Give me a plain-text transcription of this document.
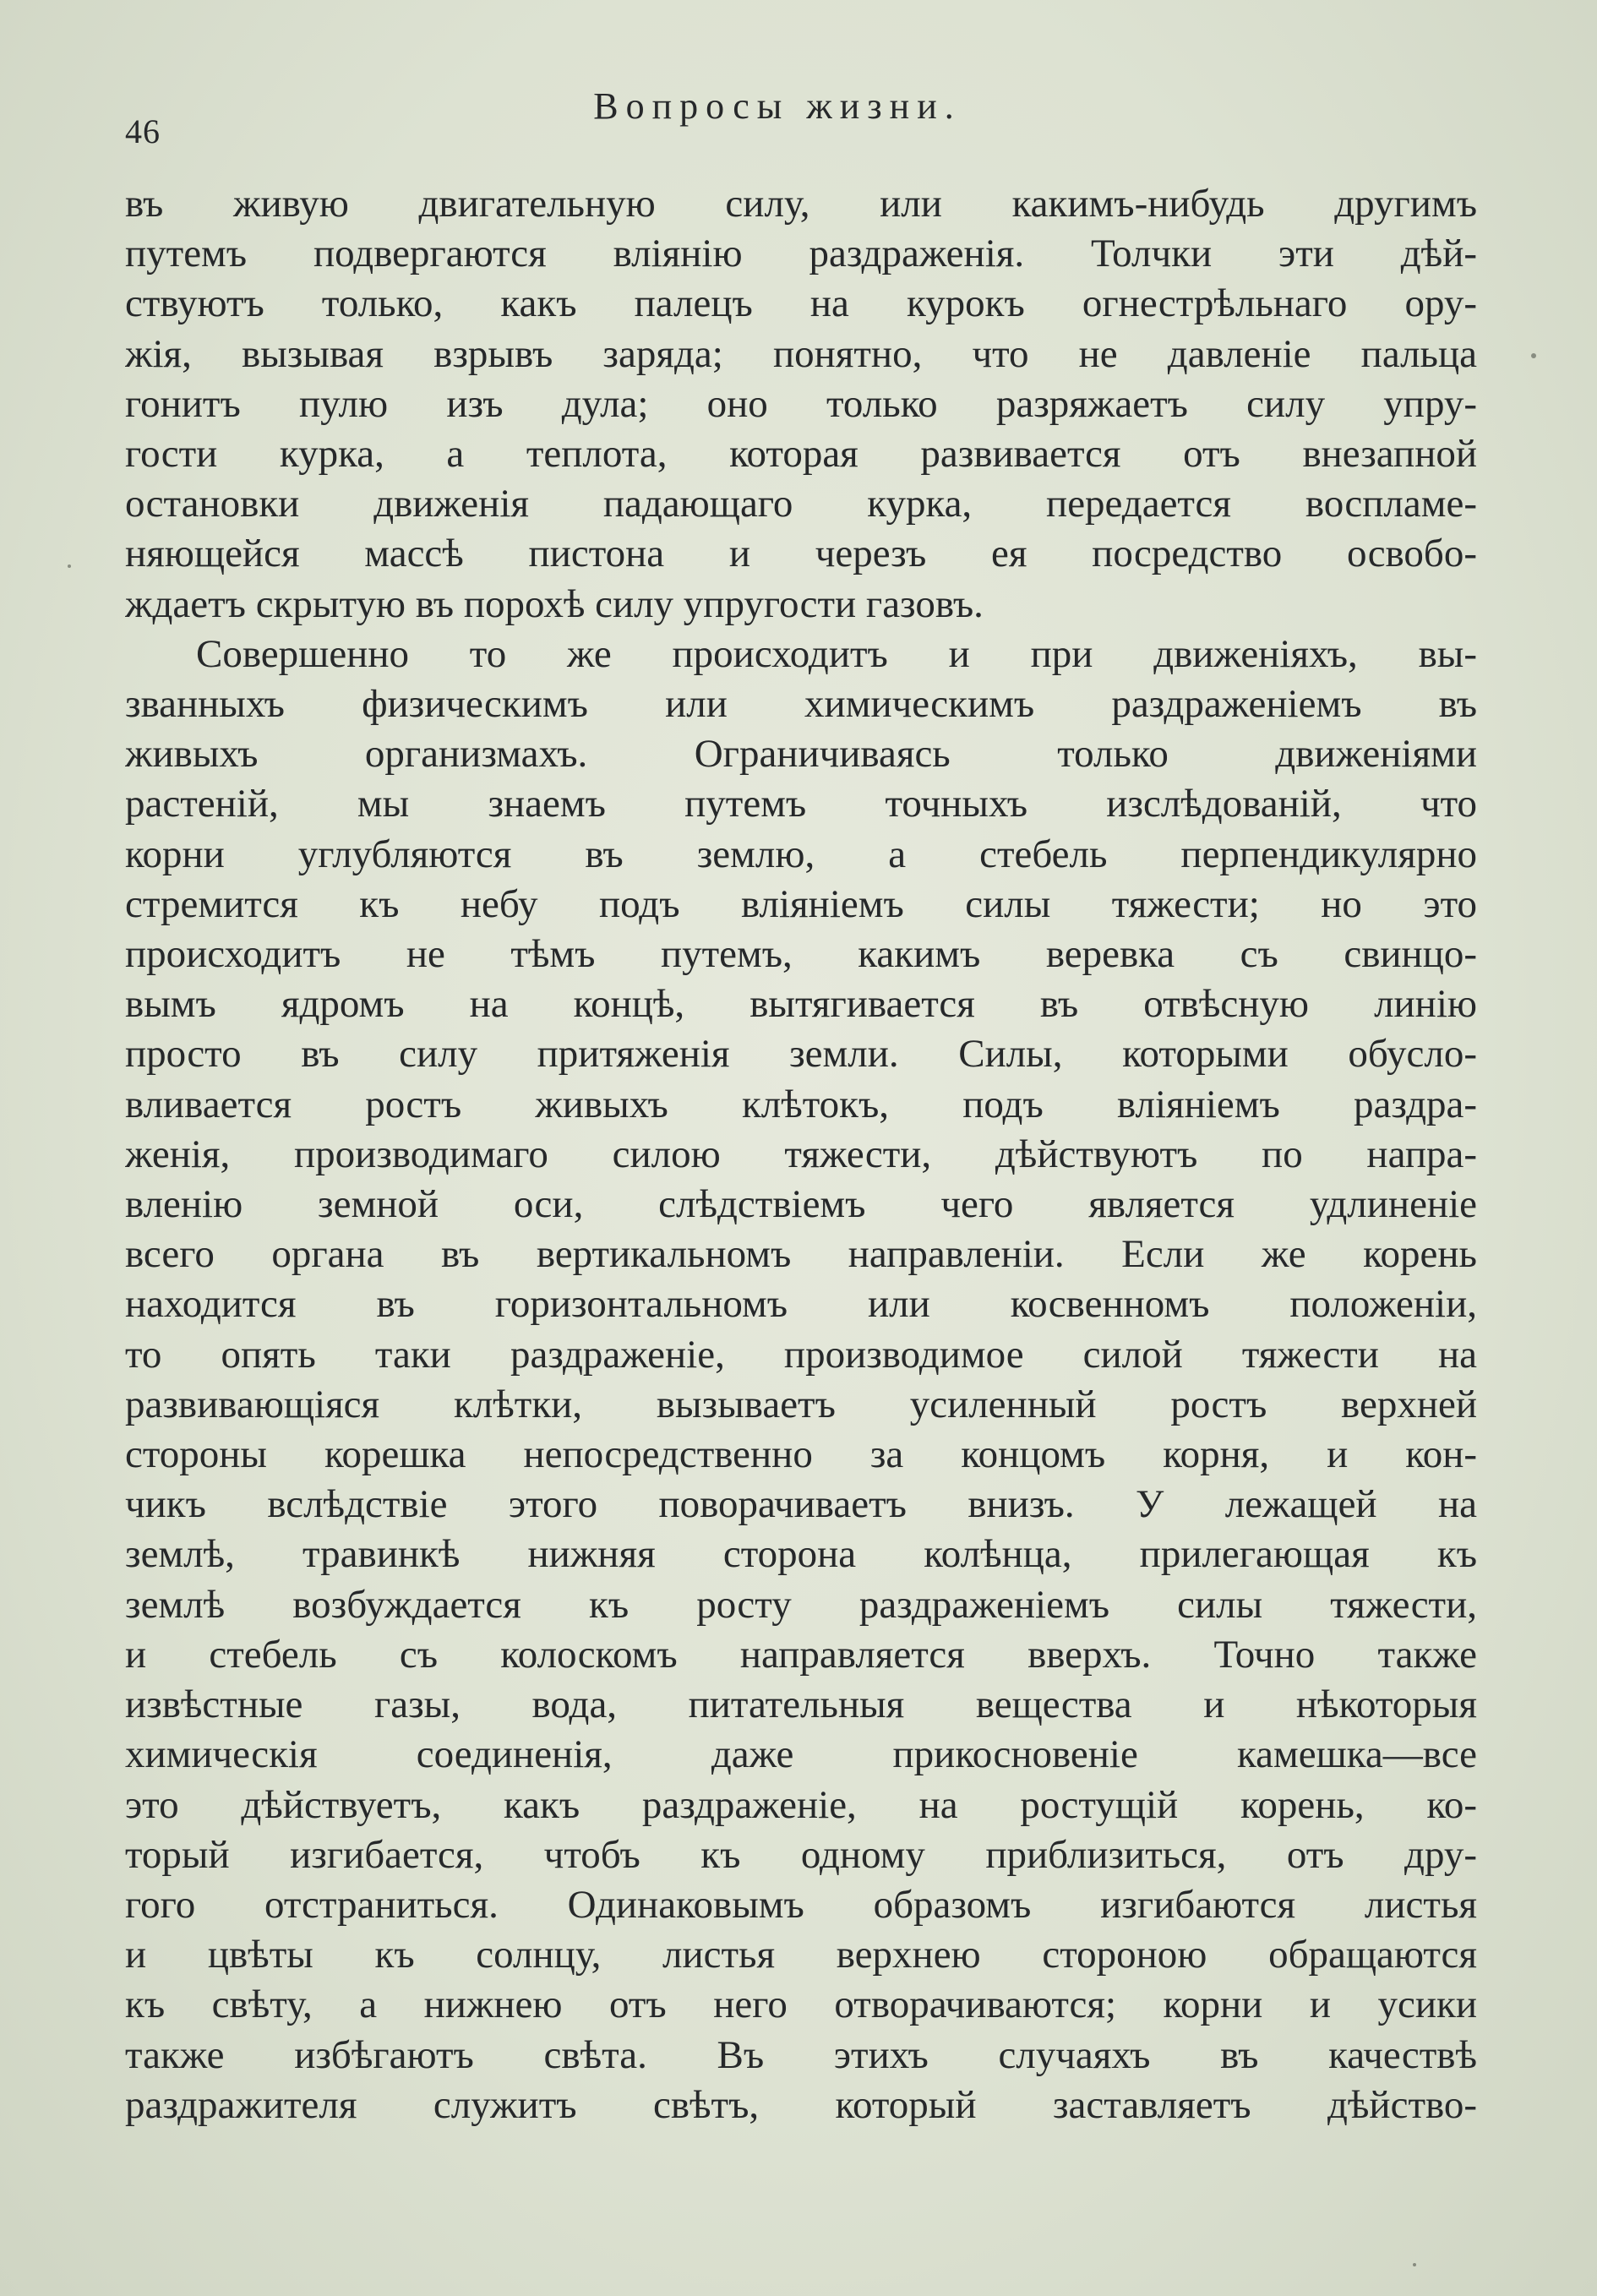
46
Вопросы жизни.
въ живую двигательную силу, или какимъ-нибудь другимъ
путемъ подвергаются вліянію раздраженія. Толчки эти дѣй-
ствуютъ только, какъ палецъ на курокъ огнестрѣльнаго ору-
жія, вызывая взрывъ заряда; понятно, что не давленіе пальца
гонитъ пулю изъ дула; оно только разряжаетъ силу упру-
гости курка, а теплота, которая развивается отъ внезапной
остановки движенія падающаго курка, передается воспламе-
няющейся массѣ пистона и черезъ ея посредство освобо-
ждаетъ скрытую въ порохѣ силу упругости газовъ.
Совершенно то же происходитъ и при движеніяхъ, вы-
званныхъ физическимъ или химическимъ раздраженіемъ въ
живыхъ организмахъ. Ограничиваясь только движеніями
растеній, мы знаемъ путемъ точныхъ изслѣдованій, что
корни углубляются въ землю, а стебель перпендикулярно
стремится къ небу подъ вліяніемъ силы тяжести; но это
происходитъ не тѣмъ путемъ, какимъ веревка съ свинцо-
вымъ ядромъ на концѣ, вытягивается въ отвѣсную линію
просто въ силу притяженія земли. Силы, которыми обусло-
вливается ростъ живыхъ клѣтокъ, подъ вліяніемъ раздра-
женія, производимаго силою тяжести, дѣйствуютъ по напра-
вленію земной оси, слѣдствіемъ чего является удлиненіе
всего органа въ вертикальномъ направленіи. Если же корень
находится въ горизонтальномъ или косвенномъ положеніи,
то опять таки раздраженіе, производимое силой тяжести на
развивающіяся клѣтки, вызываетъ усиленный ростъ верхней
стороны корешка непосредственно за концомъ корня, и кон-
чикъ вслѣдствіе этого поворачиваетъ внизъ. У лежащей на
землѣ, травинкѣ нижняя сторона колѣнца, прилегающая къ
землѣ возбуждается къ росту раздраженіемъ силы тяжести,
и стебель съ колоскомъ направляется вверхъ. Точно также
извѣстные газы, вода, питательныя вещества и нѣкоторыя
химическія соединенія, даже прикосновеніе камешка—все
это дѣйствуетъ, какъ раздраженіе, на ростущій корень, ко-
торый изгибается, чтобъ къ одному приблизиться, отъ дру-
гого отстраниться. Одинаковымъ образомъ изгибаются листья
и цвѣты къ солнцу, листья верхнею стороною обращаются
къ свѣту, а нижнею отъ него отворачиваются; корни и усики
также избѣгаютъ свѣта. Въ этихъ случаяхъ въ качествѣ
раздражителя служитъ свѣтъ, который заставляетъ дѣйство-
